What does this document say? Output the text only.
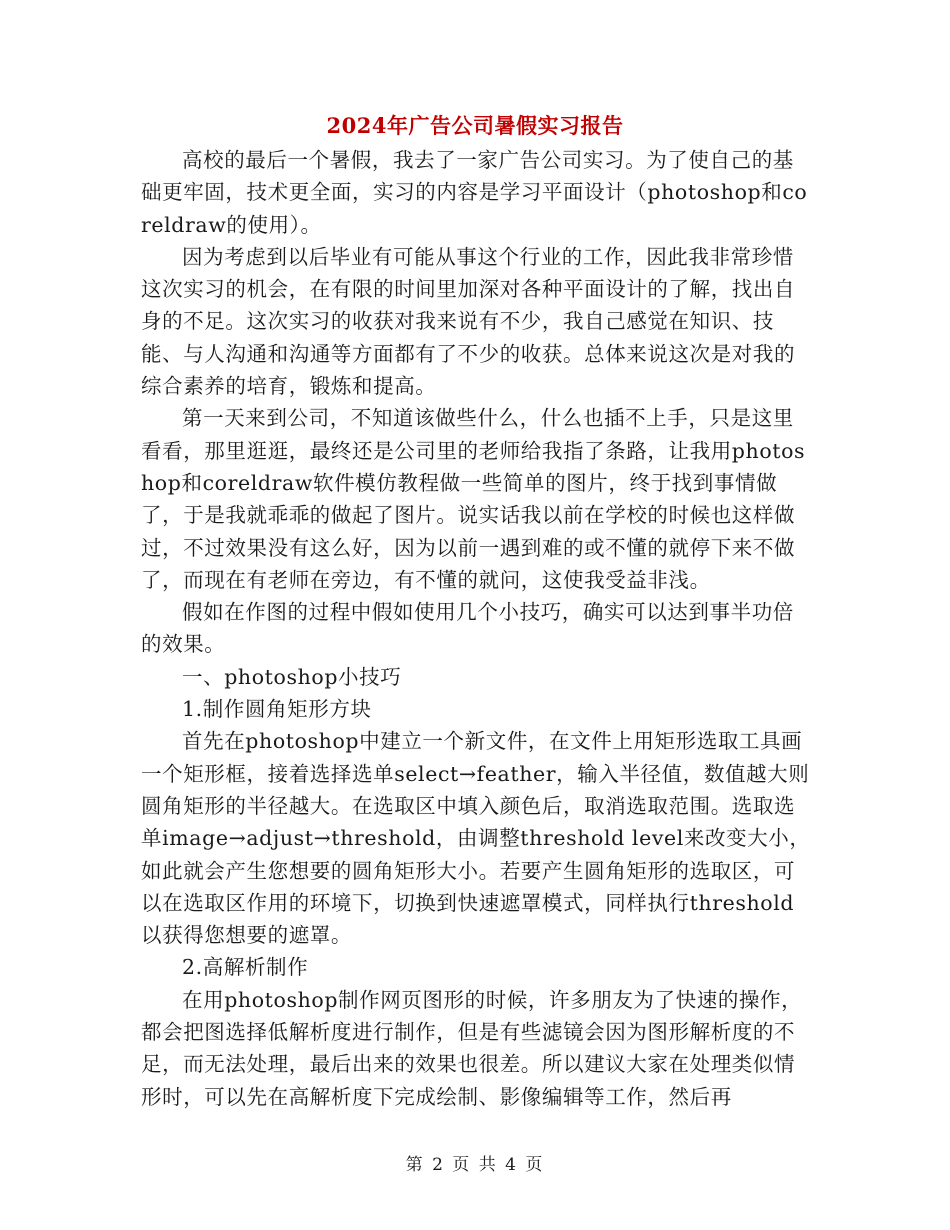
2024年广告公司暑假实习报告

高校的最后一个暑假，我去了一家广告公司实习。为了使自己的基础更牢固，技术更全面，实习的内容是学习平面设计（photoshop和coreldraw的使用）。

因为考虑到以后毕业有可能从事这个行业的工作，因此我非常珍惜这次实习的机会，在有限的时间里加深对各种平面设计的了解，找出自身的不足。这次实习的收获对我来说有不少，我自己感觉在知识、技能、与人沟通和沟通等方面都有了不少的收获。总体来说这次是对我的综合素养的培育，锻炼和提高。

第一天来到公司，不知道该做些什么，什么也插不上手，只是这里看看，那里逛逛，最终还是公司里的老师给我指了条路，让我用photoshop和coreldraw软件模仿教程做一些简单的图片，终于找到事情做了，于是我就乖乖的做起了图片。说实话我以前在学校的时候也这样做过，不过效果没有这么好，因为以前一遇到难的或不懂的就停下来不做了，而现在有老师在旁边，有不懂的就问，这使我受益非浅。

假如在作图的过程中假如使用几个小技巧，确实可以达到事半功倍的效果。

一、photoshop小技巧

1.制作圆角矩形方块

首先在photoshop中建立一个新文件，在文件上用矩形选取工具画一个矩形框，接着选择选单select→feather，输入半径值，数值越大则圆角矩形的半径越大。在选取区中填入颜色后，取消选取范围。选取选单image→adjust→threshold，由调整threshold level来改变大小，如此就会产生您想要的圆角矩形大小。若要产生圆角矩形的选取区，可以在选取区作用的环境下，切换到快速遮罩模式，同样执行threshold以获得您想要的遮罩。

2.高解析制作

在用photoshop制作网页图形的时候，许多朋友为了快速的操作，都会把图选择低解析度进行制作，但是有些滤镜会因为图形解析度的不足，而无法处理，最后出来的效果也很差。所以建议大家在处理类似情形时，可以先在高解析度下完成绘制、影像编辑等工作，然后再

第 2 页 共 4 页
